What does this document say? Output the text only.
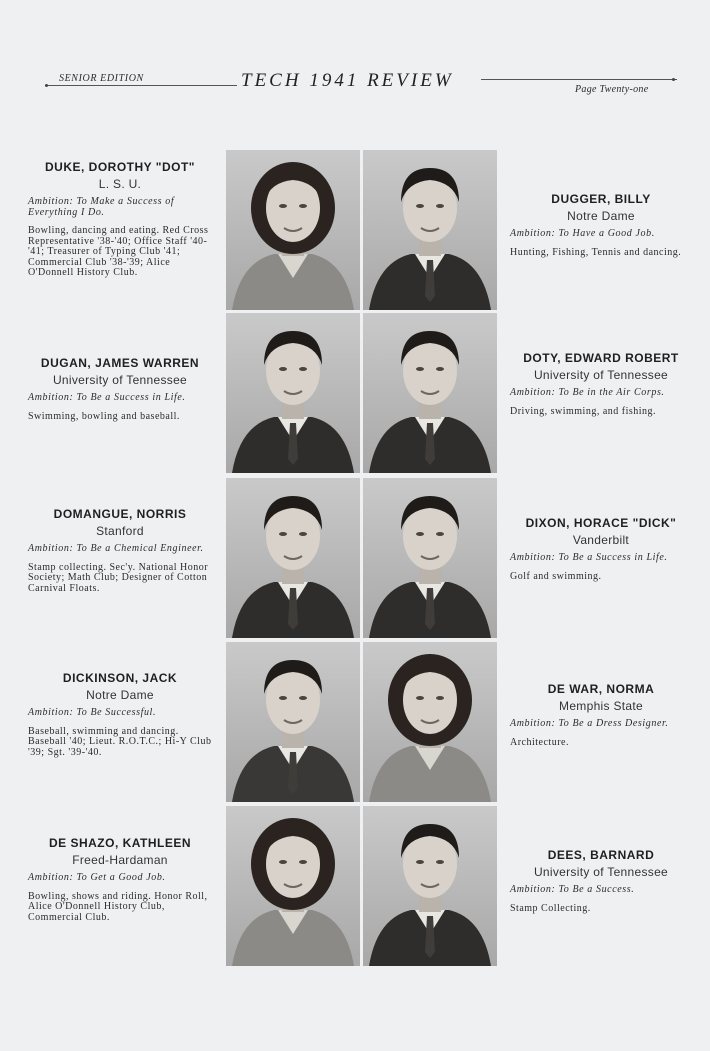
SENIOR EDITION	TECH 1941 REVIEW	Page Twenty-one
DUKE, DOROTHY "DOT"
L. S. U.
Ambition: To Make a Success of Everything I Do.
Bowling, dancing and eating. Red Cross Representative '38-'40; Office Staff '40-'41; Treasurer of Typing Club '41; Commercial Club '38-'39; Alice O'Donnell History Club.
DUGGER, BILLY
Notre Dame
Ambition: To Have a Good Job.
Hunting, Fishing, Tennis and dancing.
DUGAN, JAMES WARREN
University of Tennessee
Ambition: To Be a Success in Life.
Swimming, bowling and baseball.
DOTY, EDWARD ROBERT
University of Tennessee
Ambition: To Be in the Air Corps.
Driving, swimming, and fishing.
DOMANGUE, NORRIS
Stanford
Ambition: To Be a Chemical Engineer.
Stamp collecting. Sec'y. National Honor Society; Math Club; Designer of Cotton Carnival Floats.
DIXON, HORACE "DICK"
Vanderbilt
Ambition: To Be a Success in Life.
Golf and swimming.
DICKINSON, JACK
Notre Dame
Ambition: To Be Successful.
Baseball, swimming and dancing. Baseball '40; Lieut. R.O.T.C.; Hi-Y Club '39; Sgt. '39-'40.
DE WAR, NORMA
Memphis State
Ambition: To Be a Dress Designer.
Architecture.
DE SHAZO, KATHLEEN
Freed-Hardaman
Ambition: To Get a Good Job.
Bowling, shows and riding. Honor Roll, Alice O'Donnell History Club, Commercial Club.
DEES, BARNARD
University of Tennessee
Ambition: To Be a Success.
Stamp Collecting.
